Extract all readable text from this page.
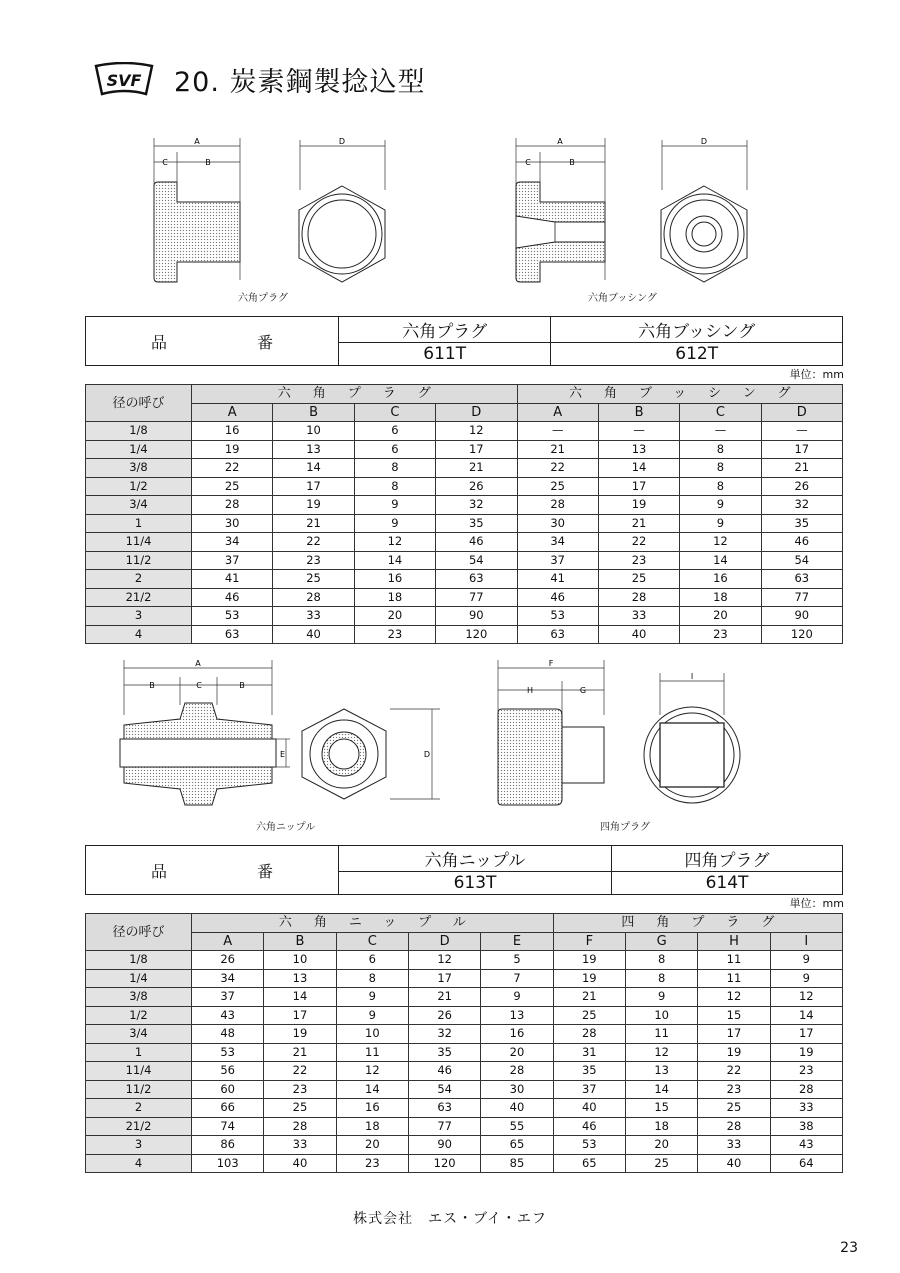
SVF 20. 炭素鋼製捻込型
A
C	B
D	A
C	B
D
六角プラグ	六角ブッシング
品 番	六角プラグ	六角ブッシング
	611T	612T
単位：mm
径の呼び	六角プラグ				六角ブッシング			
	A	B	C	D	A	B	C	D
1/8	16	10	6	12	—	—	—	—
1/4	19	13	6	17	21	13	8	17
3/8	22	14	8	21	22	14	8	21
1/2	25	17	8	26	25	17	8	26
3/4	28	19	9	32	28	19	9	32
1	30	21	9	35	30	21	9	35
11/4	34	22	12	46	34	22	12	46
11/2	37	23	14	54	37	23	14	54
2	41	25	16	63	41	25	16	63
21/2	46	28	18	77	46	28	18	77
3	53	33	20	90	53	33	20	90
4	63	40	23	120	63	40	23	120
A
B	C	B
E	D
F
H	G
I
六角ニップル	四角プラグ
品 番	六角ニップル	四角プラグ
	613T	614T
単位：mm
径の呼び	六角ニップル					四角プラグ			
	A	B	C	D	E	F	G	H	I
1/8	26	10	6	12	5	19	8	11	9
1/4	34	13	8	17	7	19	8	11	9
3/8	37	14	9	21	9	21	9	12	12
1/2	43	17	9	26	13	25	10	15	14
3/4	48	19	10	32	16	28	11	17	17
1	53	21	11	35	20	31	12	19	19
11/4	56	22	12	46	28	35	13	22	23
11/2	60	23	14	54	30	37	14	23	28
2	66	25	16	63	40	40	15	25	33
21/2	74	28	18	77	55	46	18	28	38
3	86	33	20	90	65	53	20	33	43
4	103	40	23	120	85	65	25	40	64
株式会社　エス・ブイ・エフ
23
